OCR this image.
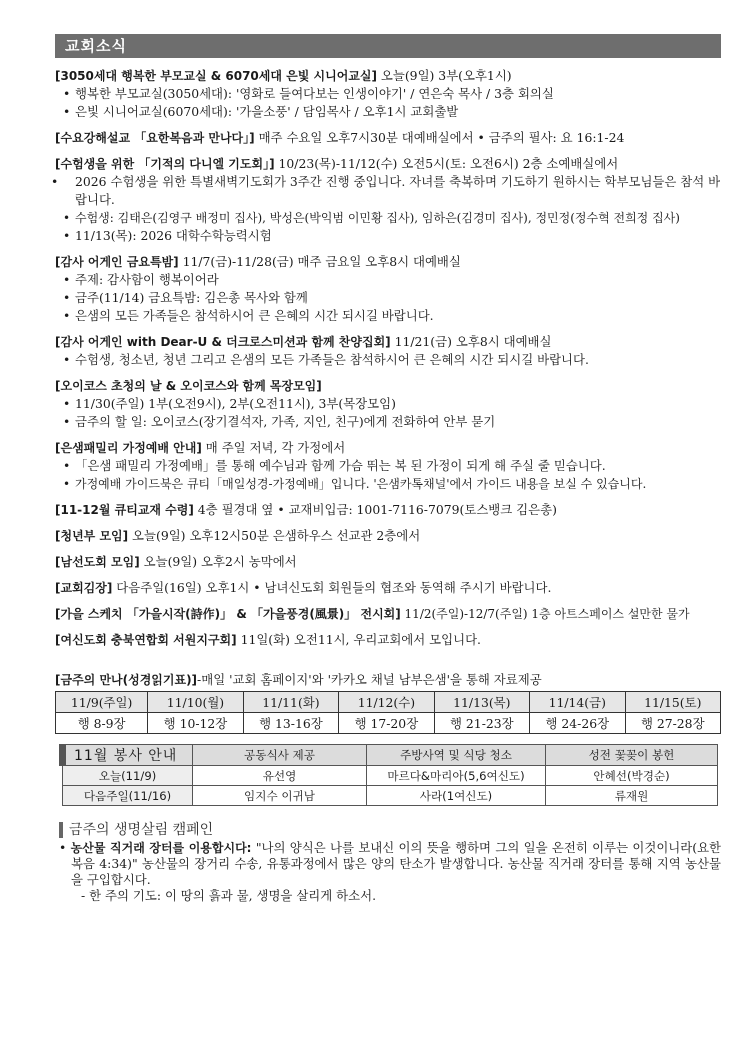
교회소식
[3050세대 행복한 부모교실 & 6070세대 은빛 시니어교실] 오늘(9일) 3부(오후1시)
• 행복한 부모교실(3050세대): '영화로 들여다보는 인생이야기' / 연은숙 목사 / 3층 회의실
• 은빛 시니어교실(6070세대): '가을소풍' / 담임목사 / 오후1시 교회출발
[수요강해설교 「요한복음과 만나다」] 매주 수요일 오후7시30분 대예배실에서 • 금주의 필사: 요 16:1-24
[수험생을 위한 「기적의 다니엘 기도회」] 10/23(목)-11/12(수) 오전5시(토: 오전6시) 2층 소예배실에서
• 2026 수험생을 위한 특별새벽기도회가 3주간 진행 중입니다. 자녀를 축복하며 기도하기 원하시는 학부모님들은 참석 바랍니다.
• 수험생: 김태은(김영구 배정미 집사), 박성은(박익범 이민황 집사), 임하은(김경미 집사), 정민정(정수혁 전희정 집사)
• 11/13(목): 2026 대학수학능력시험
[감사 어게인 금요특밤] 11/7(금)-11/28(금) 매주 금요일 오후8시 대예배실
• 주제: 감사함이 행복이어라
• 금주(11/14) 금요특밤: 김은총 목사와 함께
• 은샘의 모든 가족들은 참석하시어 큰 은혜의 시간 되시길 바랍니다.
[감사 어게인 with Dear-U & 더크로스미션과 함께 찬양집회] 11/21(금) 오후8시 대예배실
• 수험생, 청소년, 청년 그리고 은샘의 모든 가족들은 참석하시어 큰 은혜의 시간 되시길 바랍니다.
[오이코스 초청의 날 & 오이코스와 함께 목장모임]
• 11/30(주일) 1부(오전9시), 2부(오전11시), 3부(목장모임)
• 금주의 할 일: 오이코스(장기결석자, 가족, 지인, 친구)에게 전화하여 안부 묻기
[은샘패밀리 가정예배 안내] 매 주일 저녁, 각 가정에서
• 「은샘 패밀리 가정예배」를 통해 예수님과 함께 가슴 뛰는 복 된 가정이 되게 해 주실 줄 믿습니다.
• 가정예배 가이드북은 큐티「매일성경-가정예배」입니다. '은샘카톡채널'에서 가이드 내용을 보실 수 있습니다.
[11-12월 큐티교재 수령] 4층 필경대 옆 • 교재비입금: 1001-7116-7079(토스뱅크 김은총)
[청년부 모임] 오늘(9일) 오후12시50분 은샘하우스 선교관 2층에서
[남선도회 모임] 오늘(9일) 오후2시 농막에서
[교회김장] 다음주일(16일) 오후1시 • 남녀신도회 회원들의 협조와 동역해 주시기 바랍니다.
[가을 스케치 「가을시작(詩作)」 & 「가을풍경(風景)」 전시회] 11/2(주일)-12/7(주일) 1층 아트스페이스 설만한 물가
[여신도회 충북연합회 서원지구회] 11일(화) 오전11시, 우리교회에서 모입니다.
[금주의 만나(성경읽기표)]-매일 '교회 홈페이지'와 '카카오 채널 남부은샘'을 통해 자료제공
11/9(주일)	11/10(월)	11/11(화)	11/12(수)	11/13(목)	11/14(금)	11/15(토)
행 8-9장	행 10-12장	행 13-16장	행 17-20장	행 21-23장	행 24-26장	행 27-28장
11월 봉사 안내	공동식사 제공	주방사역 및 식당 청소	성전 꽃꽂이 봉헌
오늘(11/9)	유선영	마르다&마리아(5,6여신도)	안혜선(박경순)
다음주일(11/16)	임지수 이귀남	사라(1여신도)	류재원
금주의 생명살림 캠페인
• 농산물 직거래 장터를 이용합시다: "나의 양식은 나를 보내신 이의 뜻을 행하며 그의 일을 온전히 이루는 이것이니라(요한복음 4:34)" 농산물의 장거리 수송, 유통과정에서 많은 양의 탄소가 발생합니다. 농산물 직거래 장터를 통해 지역 농산물을 구입합시다.
- 한 주의 기도: 이 땅의 흙과 물, 생명을 살리게 하소서.
